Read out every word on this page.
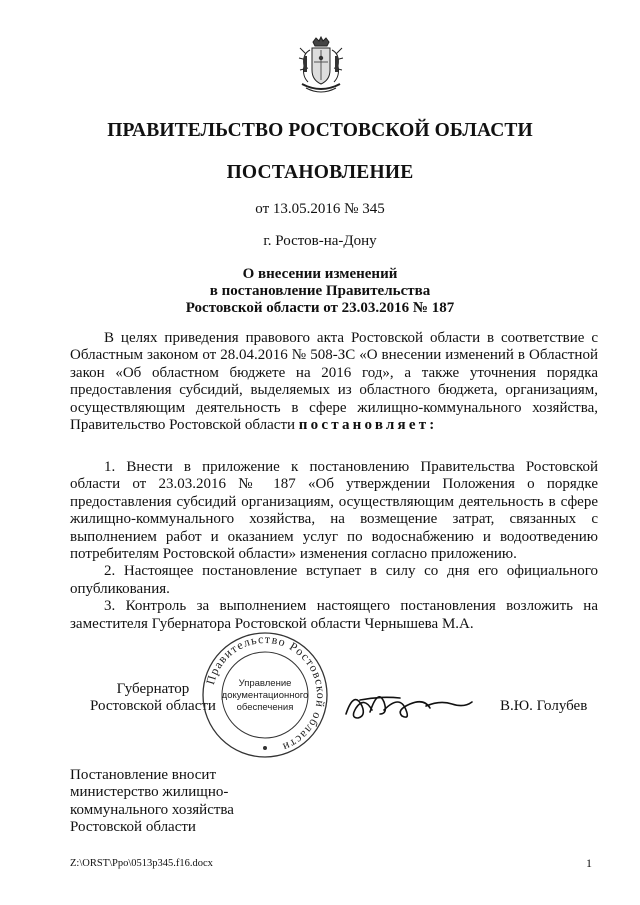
ПРАВИТЕЛЬСТВО РОСТОВСКОЙ ОБЛАСТИ
ПОСТАНОВЛЕНИЕ
от 13.05.2016 № 345
г. Ростов-на-Дону
О внесении изменений
в постановление Правительства
Ростовской области от 23.03.2016 № 187

В целях приведения правового акта Ростовской области в соответствие с Областным законом от 28.04.2016 № 508-ЗС «О внесении изменений в Областной закон «Об областном бюджете на 2016 год», а также уточнения порядка предоставления субсидий, выделяемых из областного бюджета, организациям, осуществляющим деятельность в сфере жилищно-коммунального хозяйства, Правительство Ростовской области постановляет:

1. Внести в приложение к постановлению Правительства Ростовской области от 23.03.2016 № 187 «Об утверждении Положения о порядке предоставления субсидий организациям, осуществляющим деятельность в сфере жилищно-коммунального хозяйства, на возмещение затрат, связанных с выполнением работ и оказанием услуг по водоснабжению и водоотведению потребителям Ростовской области» изменения согласно приложению.

2. Настоящее постановление вступает в силу со дня его официального опубликования.

3. Контроль за выполнением настоящего постановления возложить на заместителя Губернатора Ростовской области Чернышева М.А.

Губернатор
Ростовской области
Правительство Ростовской области
Управление
документационного
обеспечения	В.Ю. Голубев
Постановление вносит
министерство жилищно-
коммунального хозяйства
Ростовской области
Z:\ORST\Ppo\0513p345.f16.docx	1
